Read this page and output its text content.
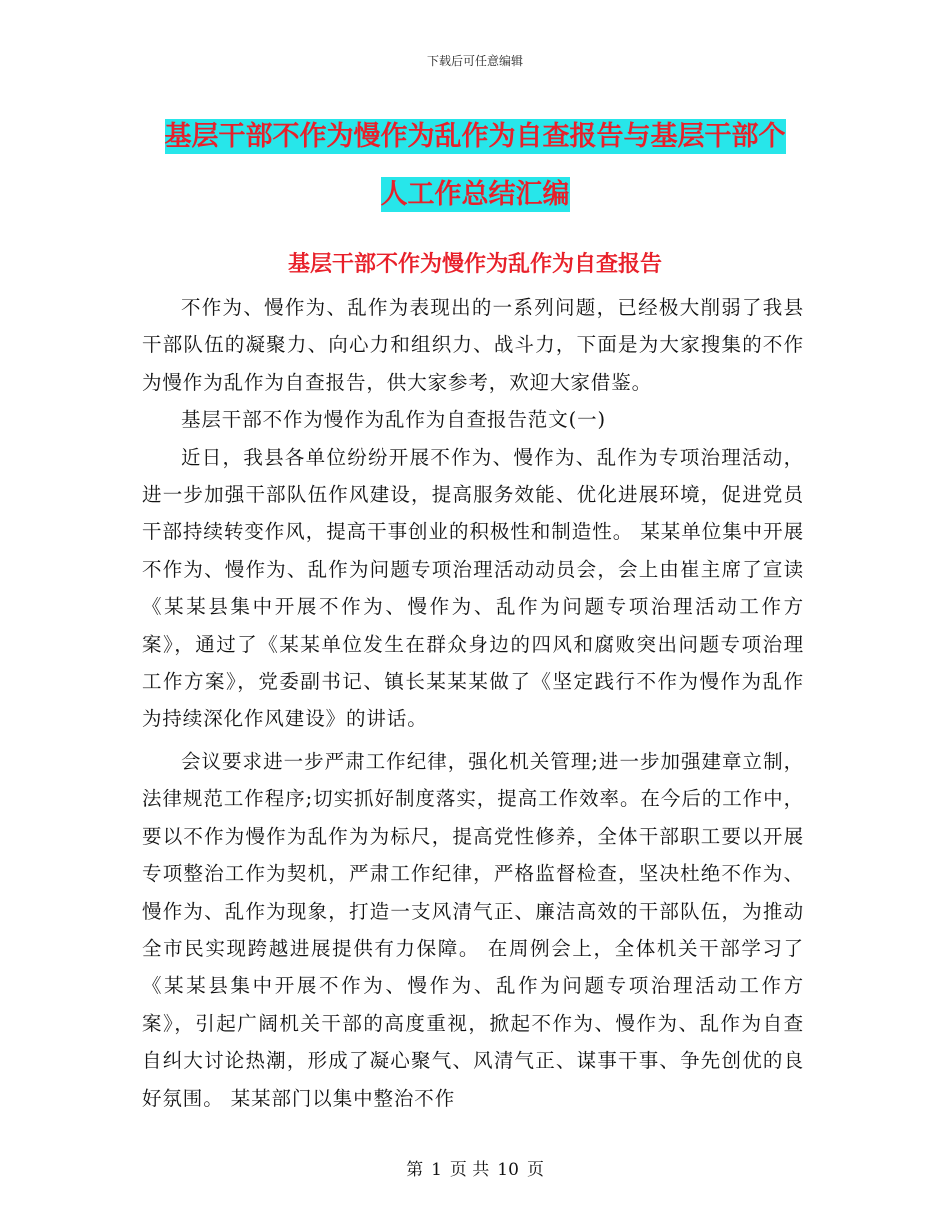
下载后可任意编辑
基层干部不作为慢作为乱作为自查报告与基层干部个
人工作总结汇编
基层干部不作为慢作为乱作为自查报告

不作为、慢作为、乱作为表现出的一系列问题，已经极大削弱了我县干部队伍的凝聚力、向心力和组织力、战斗力，下面是为大家搜集的不作为慢作为乱作为自查报告，供大家参考，欢迎大家借鉴。

基层干部不作为慢作为乱作为自查报告范文(一)

近日，我县各单位纷纷开展不作为、慢作为、乱作为专项治理活动，进一步加强干部队伍作风建设，提高服务效能、优化进展环境，促进党员干部持续转变作风，提高干事创业的积极性和制造性。 某某单位集中开展不作为、慢作为、乱作为问题专项治理活动动员会，会上由崔主席了宣读《某某县集中开展不作为、慢作为、乱作为问题专项治理活动工作方案》，通过了《某某单位发生在群众身边的四风和腐败突出问题专项治理工作方案》，党委副书记、镇长某某某做了《坚定践行不作为慢作为乱作为持续深化作风建设》的讲话。

会议要求进一步严肃工作纪律，强化机关管理;进一步加强建章立制，法律规范工作程序;切实抓好制度落实，提高工作效率。在今后的工作中，要以不作为慢作为乱作为为标尺，提高党性修养，全体干部职工要以开展专项整治工作为契机，严肃工作纪律，严格监督检查，坚决杜绝不作为、慢作为、乱作为现象，打造一支风清气正、廉洁高效的干部队伍，为推动全市民实现跨越进展提供有力保障。 在周例会上，全体机关干部学习了《某某县集中开展不作为、慢作为、乱作为问题专项治理活动工作方案》，引起广阔机关干部的高度重视，掀起不作为、慢作为、乱作为自查自纠大讨论热潮，形成了凝心聚气、风清气正、谋事干事、争先创优的良好氛围。 某某部门以集中整治不作

第 1 页 共 10 页
